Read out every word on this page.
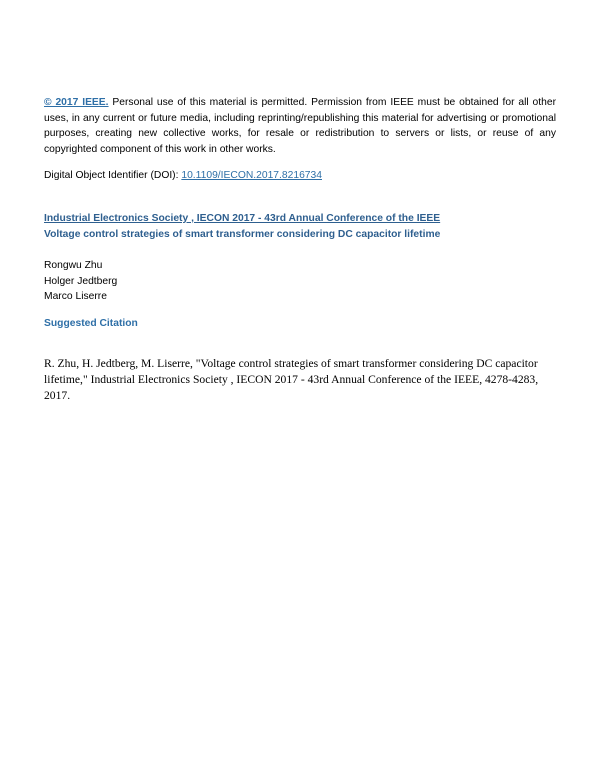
© 2017 IEEE. Personal use of this material is permitted. Permission from IEEE must be obtained for all other uses, in any current or future media, including reprinting/republishing this material for advertising or promotional purposes, creating new collective works, for resale or redistribution to servers or lists, or reuse of any copyrighted component of this work in other works.
Digital Object Identifier (DOI): 10.1109/IECON.2017.8216734
Industrial Electronics Society , IECON 2017 - 43rd Annual Conference of the IEEE
Voltage control strategies of smart transformer considering DC capacitor lifetime
Rongwu Zhu
Holger Jedtberg
Marco Liserre
Suggested Citation
R. Zhu, H. Jedtberg, M. Liserre, "Voltage control strategies of smart transformer considering DC capacitor lifetime," Industrial Electronics Society , IECON 2017 - 43rd Annual Conference of the IEEE, 4278-4283, 2017.
